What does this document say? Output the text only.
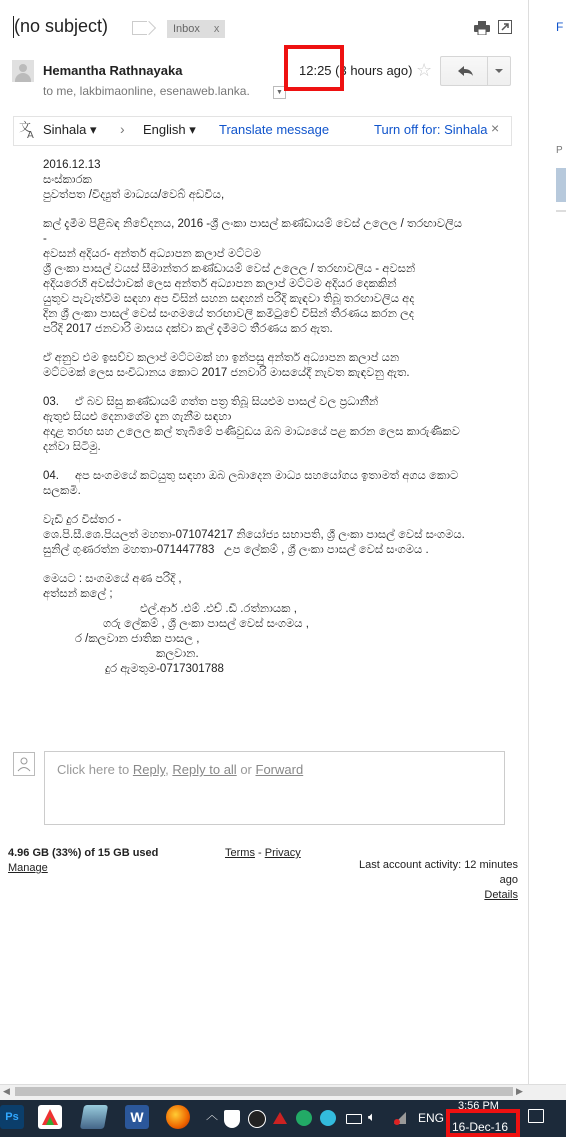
(no subject)	Inbox x	F
P
Hemantha Rathnayaka
to me, lakbimaonline, esenaweb.lanka.	▼
12:25 (3 hours ago) ☆
文
A Sinhala ▾ › English ▾ Translate message	Turn off for: Sinhala ×

2016.12.13
සංස්කාරක
පුවත්පත /විද්‍යුත් මාධ්‍යය/වෙබ් අඩවිය,

කල් දැමීම පිළිබඳ නිවේදනය, 2016 -ශ්‍රී ලංකා පාසල් කණ්ඩායම් වෙස් උලෙල / තරඟාවලිය
-
අවසන් අදියර- අන්තර් අධ්‍යාපන කලාප් මට්ටම
ශ්‍රී ලංකා පාසල් වයස් සීමාන්තර කණ්ඩායම් වෙස් උලෙල / තරඟාවලිය - අවසන්
අදියරෙහි අවස්ථාවක් ලෙස අන්තර් අධ්‍යාපන කලාප් මට්ටම අදියර දෙකකින්
යුතුව පැවැත්වීම සඳහා අප විසින් සහන සඳහන් පරිදි කැඳවා තිබූ තරඟාවලිය අද
දින ශ්‍රී ලංකා පාසල් වෙස් සංගමයේ තරඟාවලි කමිටුවේ විසින් තීරණය කරන ලද
පරිදි 2017 ජනවාරි මාසය දක්වා කල් දැමීමට තීරණය කර ඇත.

ඒ අනුව එම ඉසව්ව කලාප් මට්ටමක් හා ඉන්පසු අන්තර් අධ්‍යාපන කලාප් යන
මට්ටමක් ලෙස සංවිධානය කොට 2017 ජනවාරි මාසයේදී නැවත කැඳවනු ඇත.

03.     ඒ බව සිසු කණ්ඩායම් ගත්ත පත්‍ර තිබූ සියළුම පාසල් වල ප්‍රධානීන්
ඇතුළු සියළු දෙනාගේම දැන ගැනීම සඳහා
අදාළ තරඟ සහ උලෙල කල් තැබීමේ පණිවුඩය ඔබ මාධ්‍යයේ පළ කරන ලෙස කාරුණිකව
දන්වා සිටිමු.

04.     අප සංගමයේ කටයුතු සඳහා ඔබ ලබාදෙන මාධ්‍ය සහයෝගය ඉතාමත් අගය කොට
සලකමි.

වැඩි දුර විස්තර -
ශෙ.පි.සී.ශෙ.පියලත් මහතා-071074217 නියෝජ්‍ය සභාපති, ශ්‍රී ලංකා පාසල් වෙස් සංගමය.
සුනිල් ගුණරත්න මහතා-071447783   උප ලේකම් , ශ්‍රී ලංකා පාසල් වෙස් සංගමය .

මෙයට : සංගමයේ අණ පරිදි ,
අත්සන් කලේ ;
එල්.ආර් .එම් .එච් .ඩී .රත්නායක ,
ගරු ලේකම් , ශ්‍රී ලංකා පාසල් වෙස් සංගමය ,
ර /කලවාන ජාතික පාසල ,
කලවාන.
දුර ඇමතුම-0717301788

Click here to Reply, Reply to all or Forward
4.96 GB (33%) of 15 GB used
Manage
Terms - Privacy
Last account activity: 12 minutes
ago
Details
◀	▶
Ps	W	︿	🔈︎	ENG
3:56 PM
16-Dec-16
